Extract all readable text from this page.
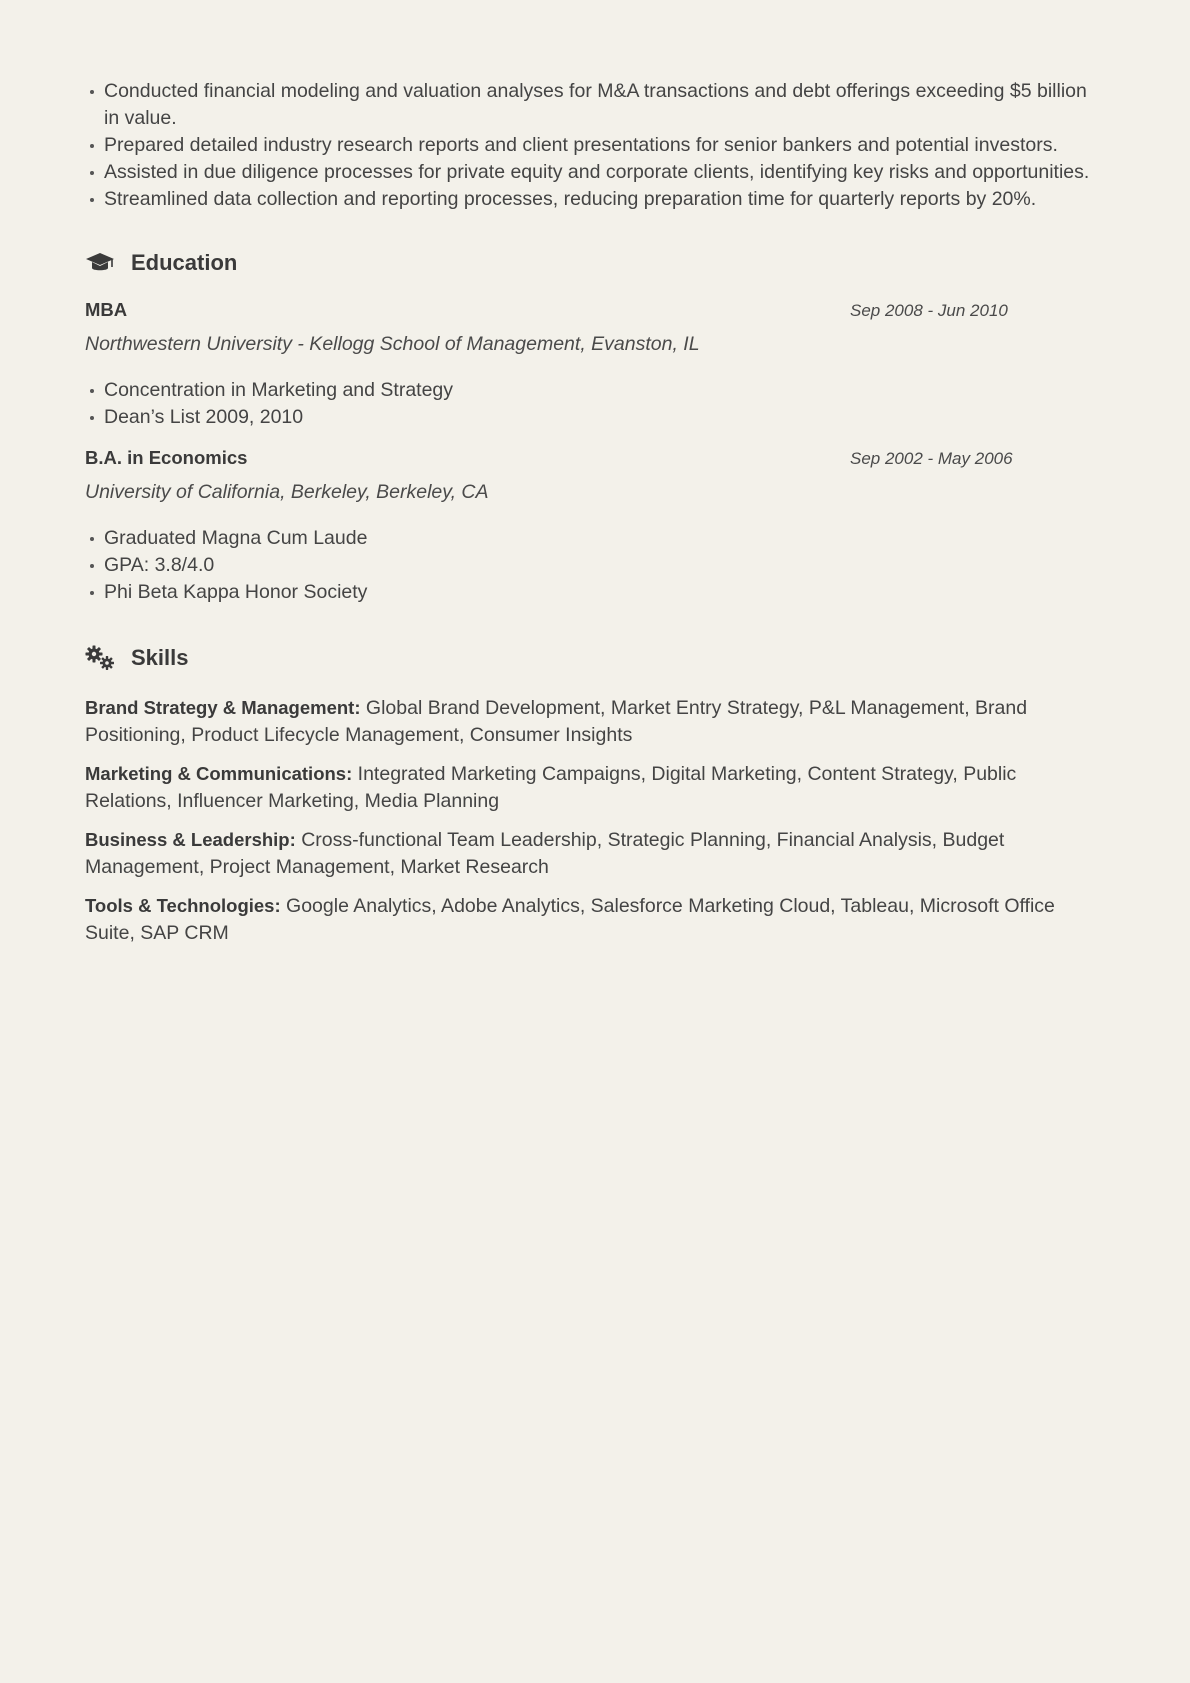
Conducted financial modeling and valuation analyses for M&A transactions and debt offerings exceeding $5 billion in value.
Prepared detailed industry research reports and client presentations for senior bankers and potential investors.
Assisted in due diligence processes for private equity and corporate clients, identifying key risks and opportunities.
Streamlined data collection and reporting processes, reducing preparation time for quarterly reports by 20%.
Education
MBA	Sep 2008 - Jun 2010
Northwestern University - Kellogg School of Management, Evanston, IL
Concentration in Marketing and Strategy
Dean’s List 2009, 2010
B.A. in Economics	Sep 2002 - May 2006
University of California, Berkeley, Berkeley, CA
Graduated Magna Cum Laude
GPA: 3.8/4.0
Phi Beta Kappa Honor Society
Skills
Brand Strategy & Management: Global Brand Development, Market Entry Strategy, P&L Management, Brand Positioning, Product Lifecycle Management, Consumer Insights
Marketing & Communications: Integrated Marketing Campaigns, Digital Marketing, Content Strategy, Public Relations, Influencer Marketing, Media Planning
Business & Leadership: Cross-functional Team Leadership, Strategic Planning, Financial Analysis, Budget Management, Project Management, Market Research
Tools & Technologies: Google Analytics, Adobe Analytics, Salesforce Marketing Cloud, Tableau, Microsoft Office Suite, SAP CRM
